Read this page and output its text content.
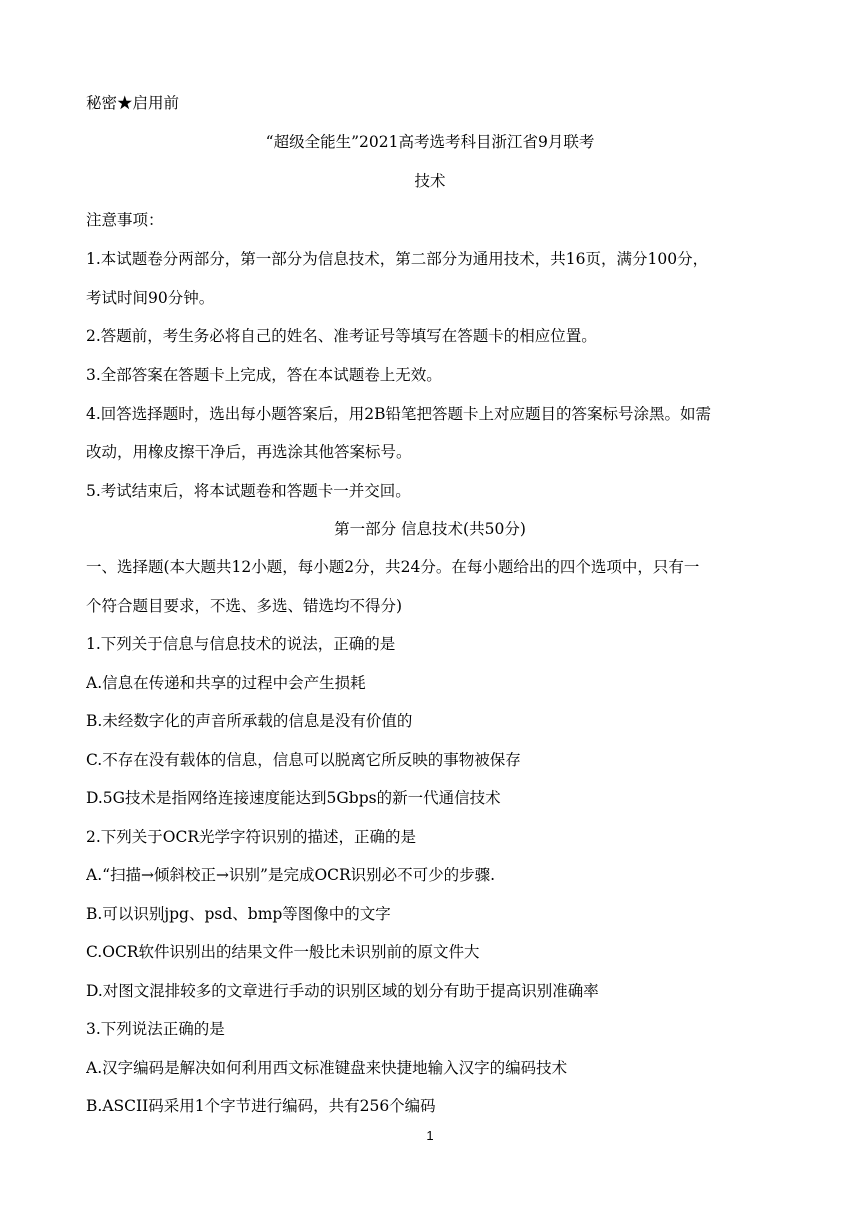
秘密★启用前
“超级全能生”2021高考选考科目浙江省9月联考
技术
注意事项：
1.本试题卷分两部分，第一部分为信息技术，第二部分为通用技术，共16页，满分100分，
考试时间90分钟。
2.答题前，考生务必将自己的姓名、准考证号等填写在答题卡的相应位置。
3.全部答案在答题卡上完成，答在本试题卷上无效。
4.回答选择题时，选出每小题答案后，用2B铅笔把答题卡上对应题目的答案标号涂黑。如需
改动，用橡皮擦干净后，再选涂其他答案标号。
5.考试结束后，将本试题卷和答题卡一并交回。
第一部分 信息技术(共50分)
一、选择题(本大题共12小题，每小题2分，共24分。在每小题给出的四个选项中，只有一
个符合题目要求，不选、多选、错选均不得分)
1.下列关于信息与信息技术的说法，正确的是
A.信息在传递和共享的过程中会产生损耗
B.未经数字化的声音所承载的信息是没有价值的
C.不存在没有载体的信息，信息可以脱离它所反映的事物被保存
D.5G技术是指网络连接速度能达到5Gbps的新一代通信技术
2.下列关于OCR光学字符识别的描述，正确的是
A.“扫描→倾斜校正→识别”是完成OCR识别必不可少的步骤.
B.可以识别jpg、psd、bmp等图像中的文字
C.OCR软件识别出的结果文件一般比未识别前的原文件大
D.对图文混排较多的文章进行手动的识别区域的划分有助于提高识别准确率
3.下列说法正确的是
A.汉字编码是解决如何利用西文标准键盘来快捷地输入汉字的编码技术
B.ASCII码采用1个字节进行编码，共有256个编码
1
